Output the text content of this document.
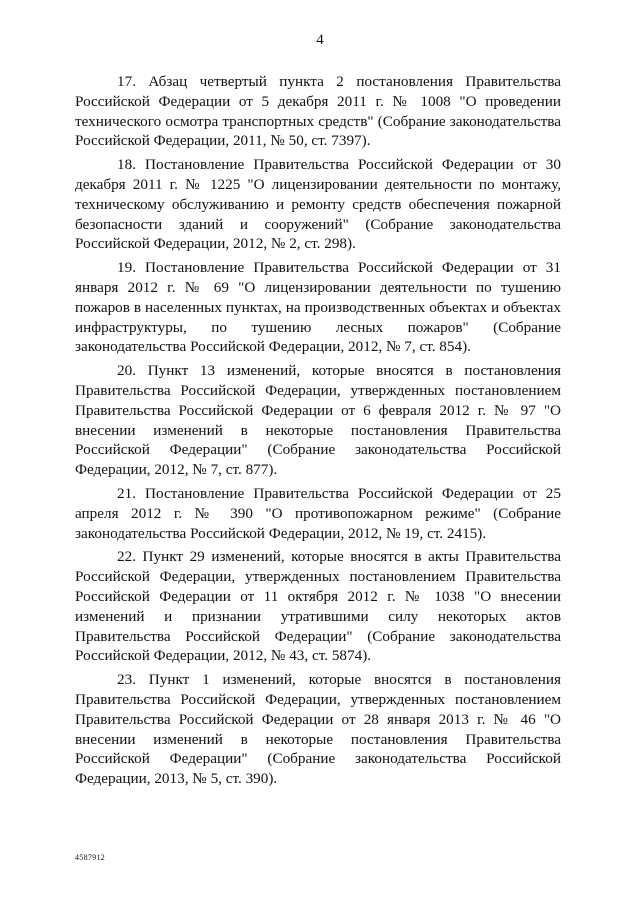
4

17. Абзац четвертый пункта 2 постановления Правительства Российской Федерации от 5 декабря 2011 г. № 1008 "О проведении технического осмотра транспортных средств" (Собрание законодательства Российской Федерации, 2011, № 50, ст. 7397).

18. Постановление Правительства Российской Федерации от 30 декабря 2011 г. № 1225 "О лицензировании деятельности по монтажу, техническому обслуживанию и ремонту средств обеспечения пожарной безопасности зданий и сооружений" (Собрание законодательства Российской Федерации, 2012, № 2, ст. 298).

19. Постановление Правительства Российской Федерации от 31 января 2012 г. № 69 "О лицензировании деятельности по тушению пожаров в населенных пунктах, на производственных объектах и объектах инфраструктуры, по тушению лесных пожаров" (Собрание законодательства Российской Федерации, 2012, № 7, ст. 854).

20. Пункт 13 изменений, которые вносятся в постановления Правительства Российской Федерации, утвержденных постановлением Правительства Российской Федерации от 6 февраля 2012 г. № 97 "О внесении изменений в некоторые постановления Правительства Российской Федерации" (Собрание законодательства Российской Федерации, 2012, № 7, ст. 877).

21. Постановление Правительства Российской Федерации от 25 апреля 2012 г. № 390 "О противопожарном режиме" (Собрание законодательства Российской Федерации, 2012, № 19, ст. 2415).

22. Пункт 29 изменений, которые вносятся в акты Правительства Российской Федерации, утвержденных постановлением Правительства Российской Федерации от 11 октября 2012 г. № 1038 "О внесении изменений и признании утратившими силу некоторых актов Правительства Российской Федерации" (Собрание законодательства Российской Федерации, 2012, № 43, ст. 5874).

23. Пункт 1 изменений, которые вносятся в постановления Правительства Российской Федерации, утвержденных постановлением Правительства Российской Федерации от 28 января 2013 г. № 46 "О внесении изменений в некоторые постановления Правительства Российской Федерации" (Собрание законодательства Российской Федерации, 2013, № 5, ст. 390).

4587912
